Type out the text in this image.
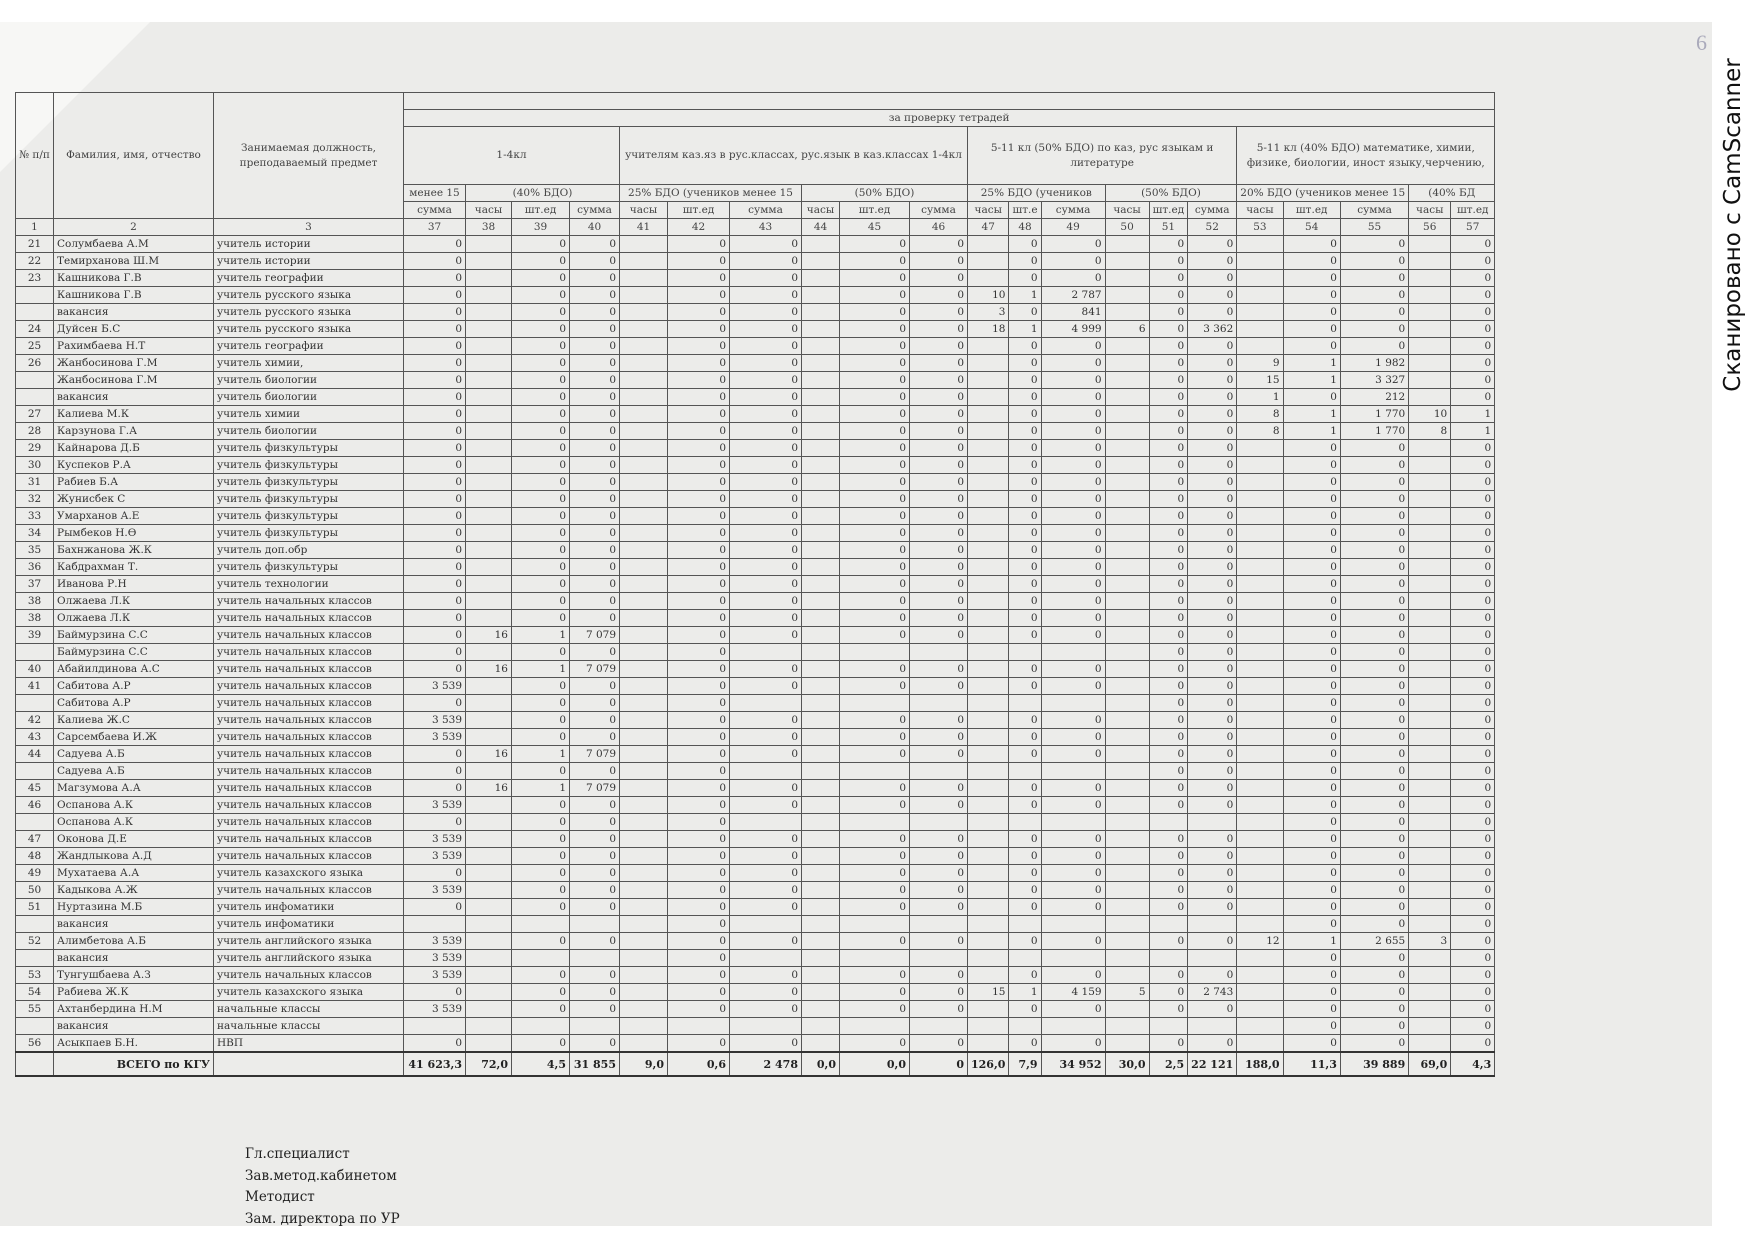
№ п/п	Фамилия, имя, отчество	Занимаемая должность, преподаваемый предмет																					
			за проверку тетрадей																				
			1-4кл				учителям каз.яз в рус.классах, рус.язык в каз.классах 1-4кл						5-11 кл (50% БДО) по каз, рус языкам и литературе						5-11 кл (40% БДО) математике, химии, физике, биологии, иност языку,черчению,				
			менее 15	(40% БДО)			25% БДО (учеников менее 15			(50% БДО)			25% БДО (учеников			(50% БДО)			20% БДО (учеников менее 15			(40% БД	
			сумма	часы	шт.ед	сумма	часы	шт.ед	сумма	часы	шт.ед	сумма	часы	шт.е	сумма	часы	шт.ед	сумма	часы	шт.ед	сумма	часы	шт.ед
1	2	3	37	38	39	40	41	42	43	44	45	46	47	48	49	50	51	52	53	54	55	56	57
21	Солумбаева А.М	учитель истории	0		0	0		0	0		0	0		0	0		0	0		0	0		0
22	Темирханова Ш.М	учитель истории	0		0	0		0	0		0	0		0	0		0	0		0	0		0
23	Кашникова Г.В	учитель географии	0		0	0		0	0		0	0		0	0		0	0		0	0		0
	Кашникова Г.В	учитель русского языка	0		0	0		0	0		0	0	10	1	2 787		0	0		0	0		0
	вакансия	учитель русского языка	0		0	0		0	0		0	0	3	0	841		0	0		0	0		0
24	Дуйсен Б.С	учитель русского языка	0		0	0		0	0		0	0	18	1	4 999	6	0	3 362		0	0		0
25	Рахимбаева Н.Т	учитель географии	0		0	0		0	0		0	0		0	0		0	0		0	0		0
26	Жанбосинова Г.М	учитель химии,	0		0	0		0	0		0	0		0	0		0	0	9	1	1 982		0
	Жанбосинова Г.М	учитель биологии	0		0	0		0	0		0	0		0	0		0	0	15	1	3 327		0
	вакансия	учитель биологии	0		0	0		0	0		0	0		0	0		0	0	1	0	212		0
27	Калиева М.К	учитель химии	0		0	0		0	0		0	0		0	0		0	0	8	1	1 770	10	1
28	Карзунова Г.А	учитель биологии	0		0	0		0	0		0	0		0	0		0	0	8	1	1 770	8	1
29	Кайнарова Д.Б	учитель физкультуры	0		0	0		0	0		0	0		0	0		0	0		0	0		0
30	Куспеков Р.А	учитель физкультуры	0		0	0		0	0		0	0		0	0		0	0		0	0		0
31	Рабиев Б.А	учитель физкультуры	0		0	0		0	0		0	0		0	0		0	0		0	0		0
32	Жунисбек С	учитель физкультуры	0		0	0		0	0		0	0		0	0		0	0		0	0		0
33	Умарханов А.Е	учитель физкультуры	0		0	0		0	0		0	0		0	0		0	0		0	0		0
34	Рымбеков Н.Ө	учитель физкультуры	0		0	0		0	0		0	0		0	0		0	0		0	0		0
35	Бахнжанова Ж.К	учитель доп.обр	0		0	0		0	0		0	0		0	0		0	0		0	0		0
36	Кабдрахман Т.	учитель физкультуры	0		0	0		0	0		0	0		0	0		0	0		0	0		0
37	Иванова Р.Н	учитель технологии	0		0	0		0	0		0	0		0	0		0	0		0	0		0
38	Олжаева Л.К	учитель начальных классов	0		0	0		0	0		0	0		0	0		0	0		0	0		0
38	Олжаева Л.К	учитель начальных классов	0		0	0		0	0		0	0		0	0		0	0		0	0		0
39	Баймурзина С.С	учитель начальных классов	0	16	1	7 079		0	0		0	0		0	0		0	0		0	0		0
	Баймурзина С.С	учитель начальных классов	0		0	0		0									0	0		0	0		0
40	Абайилдинова А.С	учитель начальных классов	0	16	1	7 079		0	0		0	0		0	0		0	0		0	0		0
41	Сабитова А.Р	учитель начальных классов	3 539		0	0		0	0		0	0		0	0		0	0		0	0		0
	Сабитова А.Р	учитель начальных классов	0		0	0		0									0	0		0	0		0
42	Калиева Ж.С	учитель начальных классов	3 539		0	0		0	0		0	0		0	0		0	0		0	0		0
43	Сарсембаева И.Ж	учитель начальных классов	3 539		0	0		0	0		0	0		0	0		0	0		0	0		0
44	Садуева А.Б	учитель начальных классов	0	16	1	7 079		0	0		0	0		0	0		0	0		0	0		0
	Садуева А.Б	учитель начальных классов	0		0	0		0									0	0		0	0		0
45	Магзумова А.А	учитель начальных классов	0	16	1	7 079		0	0		0	0		0	0		0	0		0	0		0
46	Оспанова А.К	учитель начальных классов	3 539		0	0		0	0		0	0		0	0		0	0		0	0		0
	Оспанова А.К	учитель начальных классов	0		0	0		0												0	0		0
47	Оконова Д.Е	учитель начальных классов	3 539		0	0		0	0		0	0		0	0		0	0		0	0		0
48	Жандлыкова А.Д	учитель начальных классов	3 539		0	0		0	0		0	0		0	0		0	0		0	0		0
49	Мухатаева А.А	учитель казахского языка	0		0	0		0	0		0	0		0	0		0	0		0	0		0
50	Кадыкова А.Ж	учитель начальных классов	3 539		0	0		0	0		0	0		0	0		0	0		0	0		0
51	Нуртазина М.Б	учитель инфоматики	0		0	0		0	0		0	0		0	0		0	0		0	0		0
	вакансия	учитель инфоматики						0												0	0		0
52	Алимбетова А.Б	учитель английского языка	3 539		0	0		0	0		0	0		0	0		0	0	12	1	2 655	3	0
	вакансия	учитель английского языка	3 539					0												0	0		0
53	Тунгушбаева А.З	учитель начальных классов	3 539		0	0		0	0		0	0		0	0		0	0		0	0		0
54	Рабиева Ж.К	учитель казахского языка	0		0	0		0	0		0	0	15	1	4 159	5	0	2 743		0	0		0
55	Ахтанбердина Н.М	начальные классы	3 539		0	0		0	0		0	0		0	0		0	0		0	0		0
	вакансия	начальные классы																		0	0		0
56	Асыкпаев Б.Н.	НВП	0		0	0		0	0		0	0		0	0		0	0		0	0		0
	ВСЕГО по КГУ		41 623,3	72,0	4,5	31 855	9,0	0,6	2 478	0,0	0,0	0	126,0	7,9	34 952	30,0	2,5	22 121	188,0	11,3	39 889	69,0	4,3
Гл.специалист
Зав.метод.кабинетом
Методист
Зам. директора по УР
6
Сканировано с CamScanner
